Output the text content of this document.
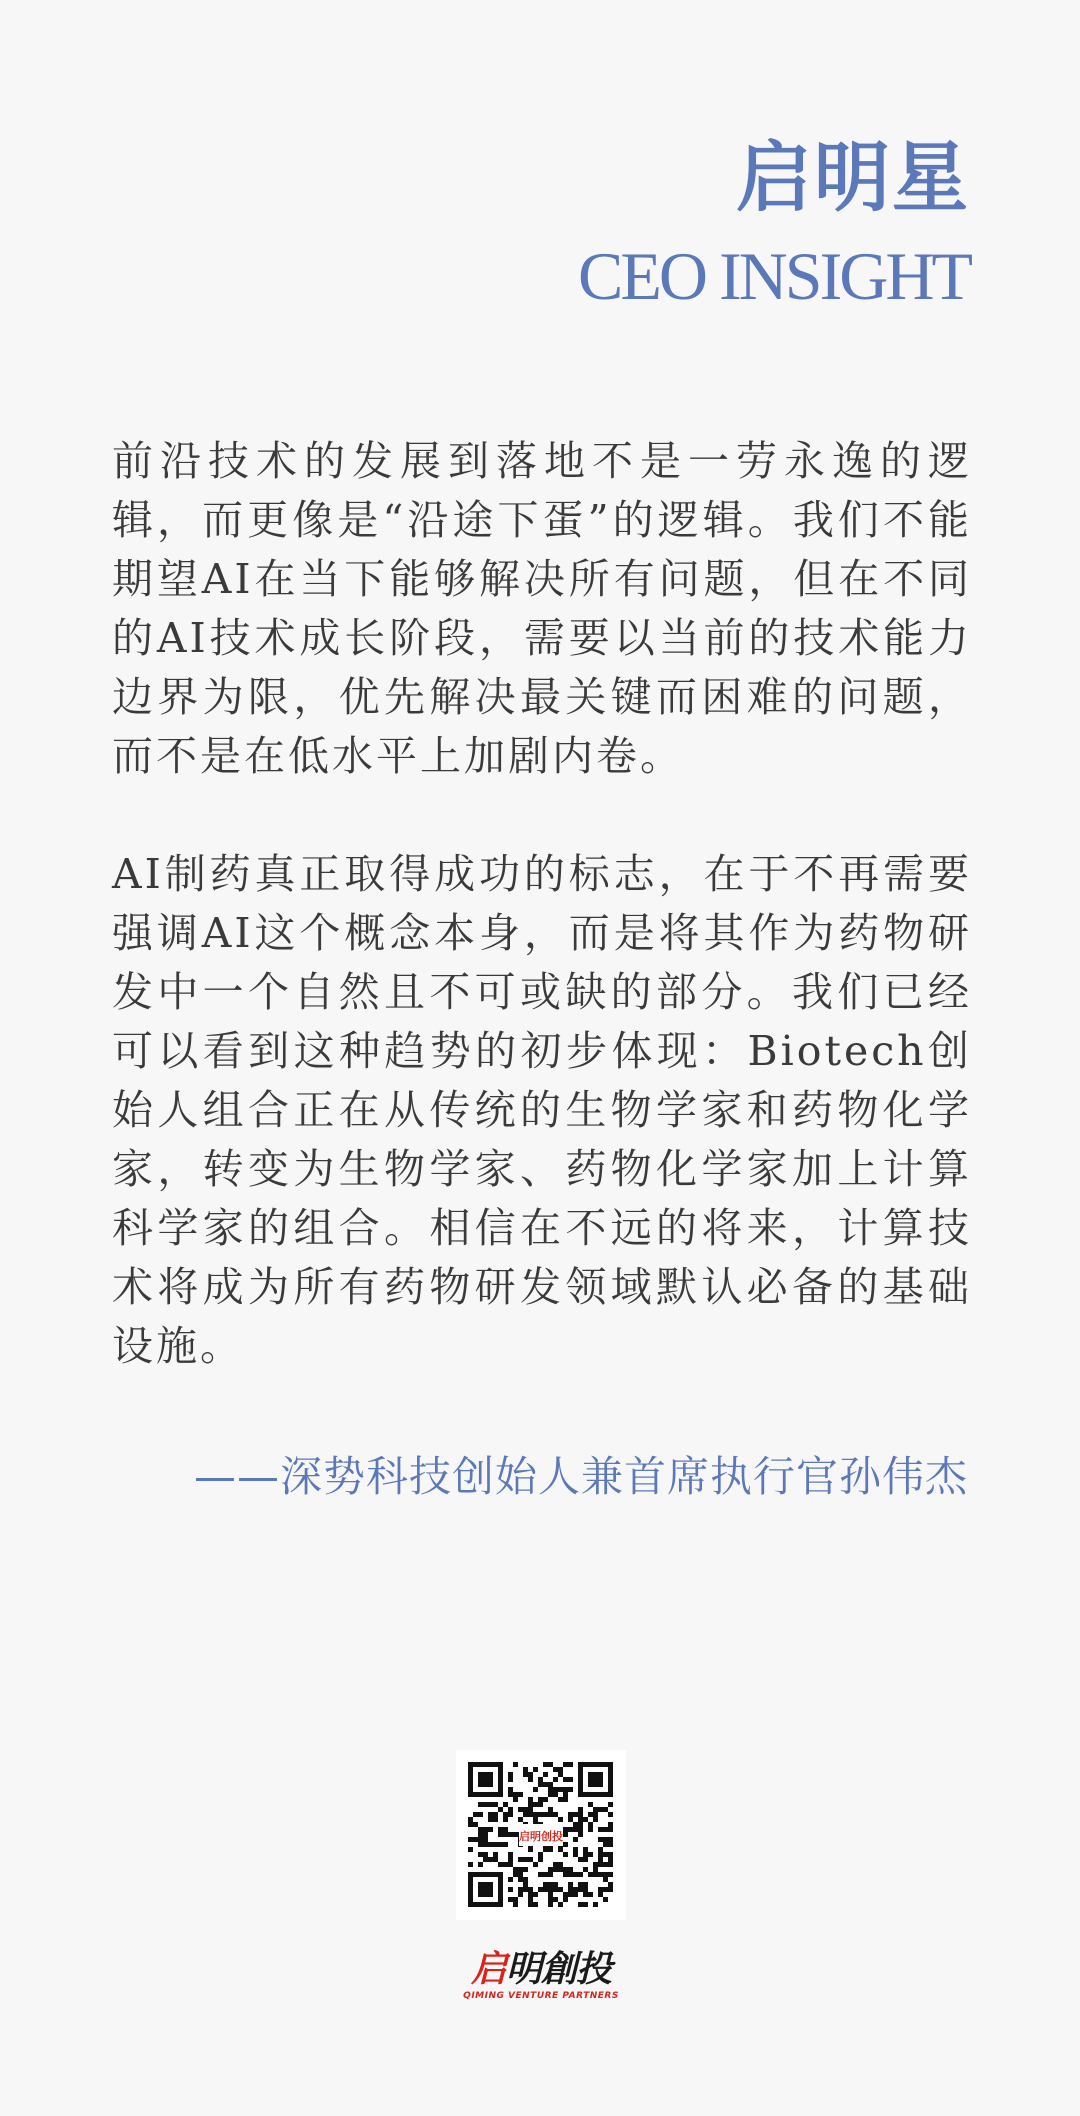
启明星
CEO INSIGHT

前沿技术的发展到落地不是一劳永逸的逻辑，而更像是“沿途下蛋”的逻辑。我们不能期望AI在当下能够解决所有问题，但在不同的AI技术成长阶段，需要以当前的技术能力边界为限，优先解决最关键而困难的问题，而不是在低水平上加剧内卷。

AI制药真正取得成功的标志，在于不再需要强调AI这个概念本身，而是将其作为药物研发中一个自然且不可或缺的部分。我们已经可以看到这种趋势的初步体现：Biotech创始人组合正在从传统的生物学家和药物化学家，转变为生物学家、药物化学家加上计算科学家的组合。相信在不远的将来，计算技术将成为所有药物研发领域默认必备的基础设施。

——深势科技创始人兼首席执行官孙伟杰
启明创投
启明創投
QIMING VENTURE PARTNERS
